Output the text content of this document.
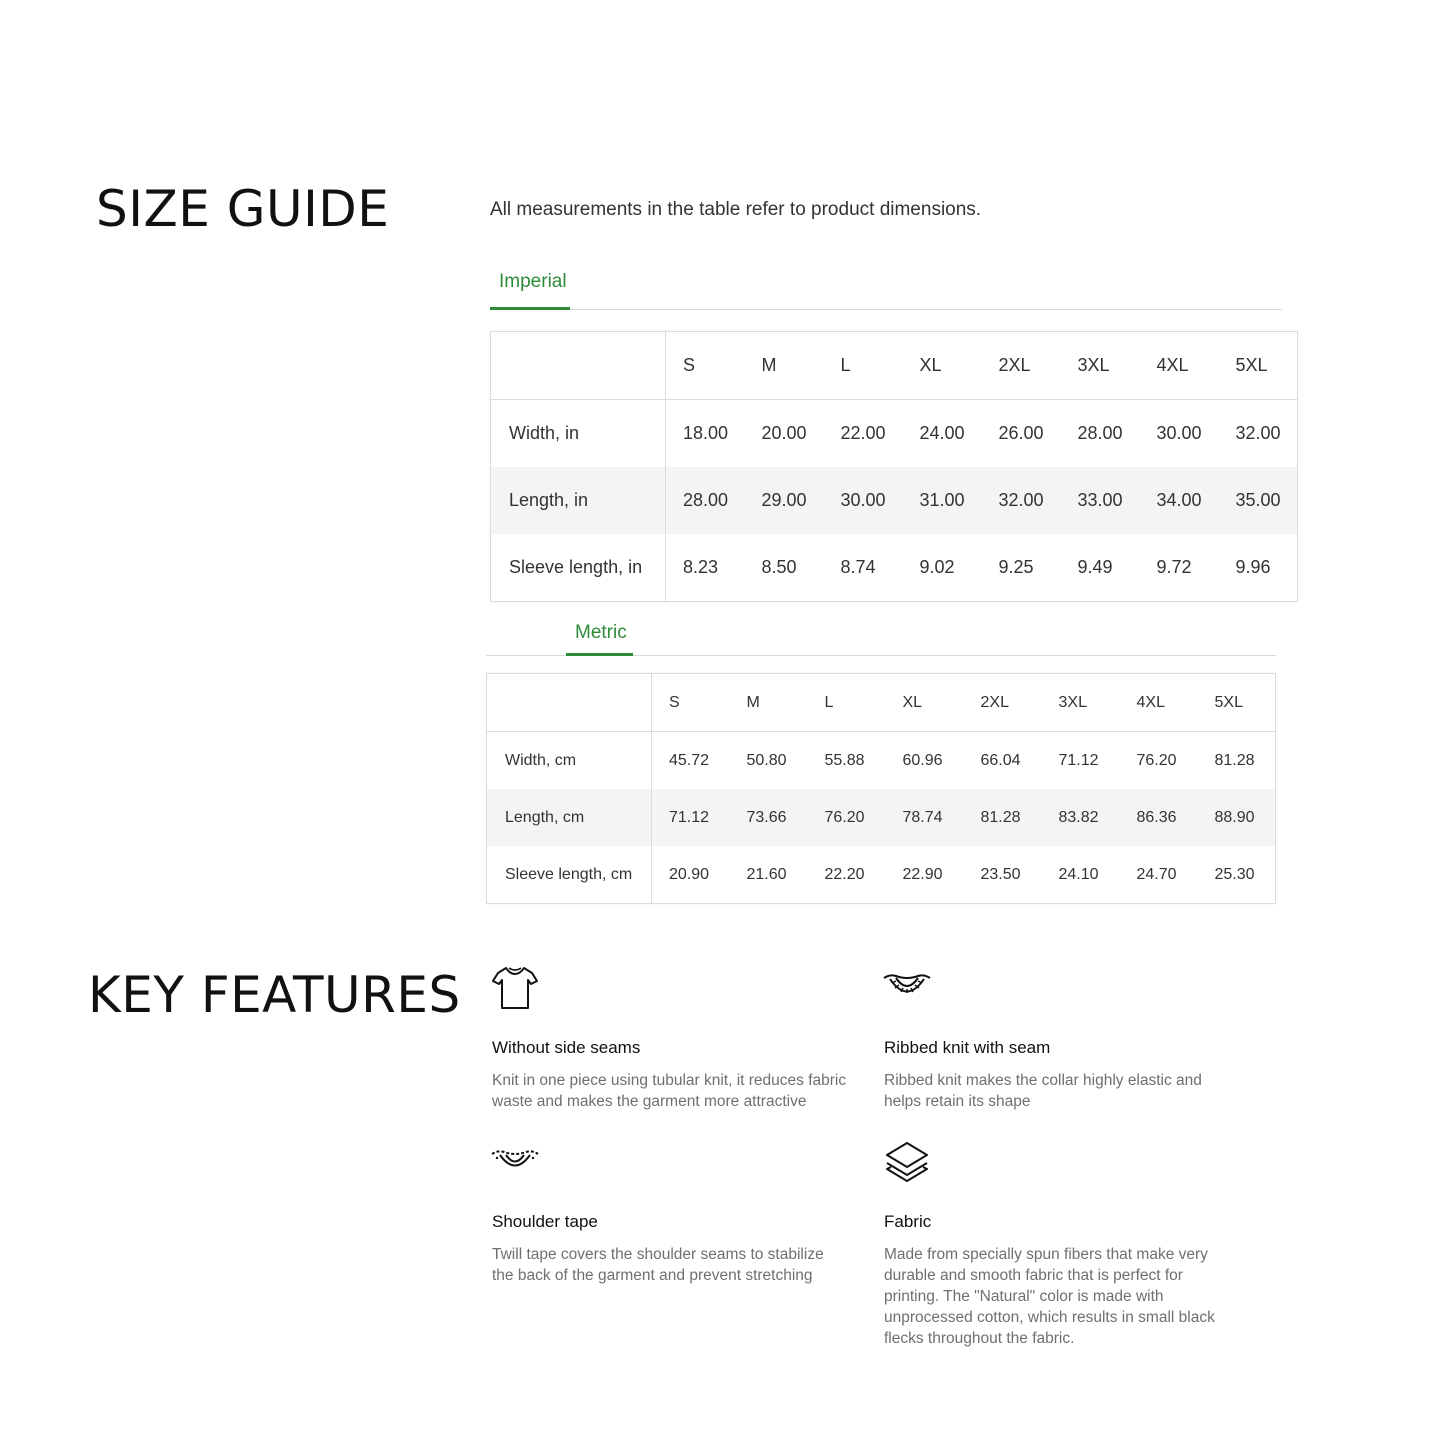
SIZE GUIDE	All measurements in the table refer to product dimensions.
Imperial
	S	M	L	XL	2XL	3XL	4XL	5XL
Width, in	18.00	20.00	22.00	24.00	26.00	28.00	30.00	32.00
Length, in	28.00	29.00	30.00	31.00	32.00	33.00	34.00	35.00
Sleeve length, in	8.23	8.50	8.74	9.02	9.25	9.49	9.72	9.96
Metric
	S	M	L	XL	2XL	3XL	4XL	5XL
Width, cm	45.72	50.80	55.88	60.96	66.04	71.12	76.20	81.28
Length, cm	71.12	73.66	76.20	78.74	81.28	83.82	86.36	88.90
Sleeve length, cm	20.90	21.60	22.20	22.90	23.50	24.10	24.70	25.30
KEY FEATURES
Without side seams
Knit in one piece using tubular knit, it reduces fabric waste and makes the garment more attractive
Ribbed knit with seam
Ribbed knit makes the collar highly elastic and helps retain its shape
Shoulder tape
Twill tape covers the shoulder seams to stabilize the back of the garment and prevent stretching
Fabric
Made from specially spun fibers that make very durable and smooth fabric that is perfect for printing. The "Natural" color is made with unprocessed cotton, which results in small black flecks throughout the fabric.
